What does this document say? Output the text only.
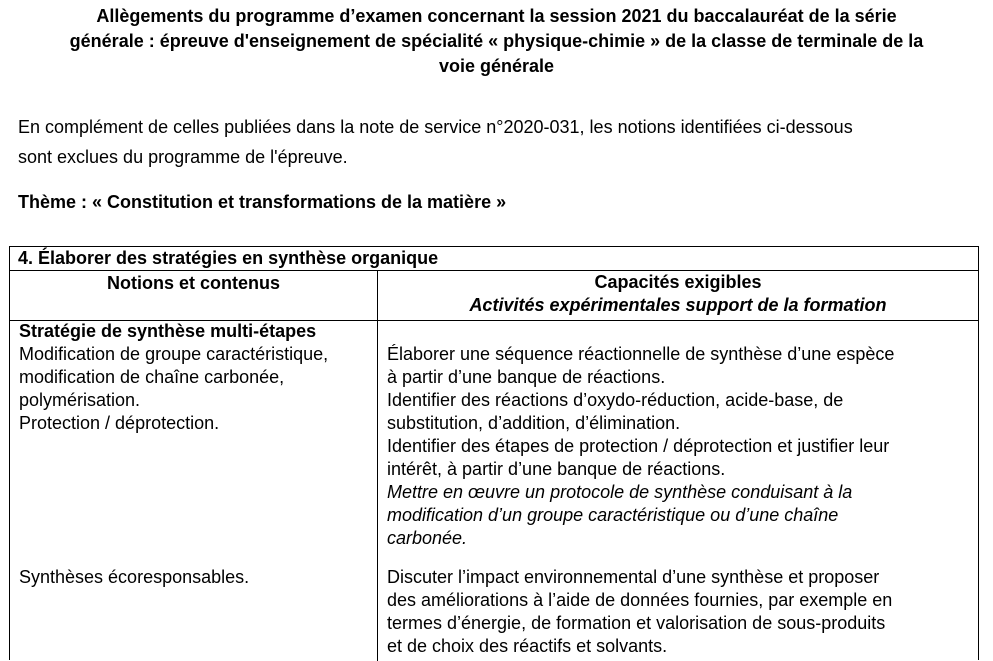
Allègements du programme d’examen concernant la session 2021 du baccalauréat de la série
générale : épreuve d'enseignement de spécialité « physique-chimie » de la classe de terminale de la
voie générale
En complément de celles publiées dans la note de service n°2020-031, les notions identifiées ci-dessous
sont exclues du programme de l'épreuve.
Thème : « Constitution et transformations de la matière »
4. Élaborer des stratégies en synthèse organique
Notions et contenus	Capacités exigibles
Activités expérimentales support de la formation
Stratégie de synthèse multi-étapes
Modification de groupe caractéristique,
modification de chaîne carbonée,
polymérisation.
Protection / déprotection.
Élaborer une séquence réactionnelle de synthèse d’une espèce
à partir d’une banque de réactions.
Identifier des réactions d’oxydo-réduction, acide-base, de
substitution, d’addition, d’élimination.
Identifier des étapes de protection / déprotection et justifier leur
intérêt, à partir d’une banque de réactions.
Mettre en œuvre un protocole de synthèse conduisant à la
modification d’un groupe caractéristique ou d’une chaîne
carbonée.
Synthèses écoresponsables.	Discuter l’impact environnemental d’une synthèse et proposer
des améliorations à l’aide de données fournies, par exemple en
termes d’énergie, de formation et valorisation de sous-produits
et de choix des réactifs et solvants.
